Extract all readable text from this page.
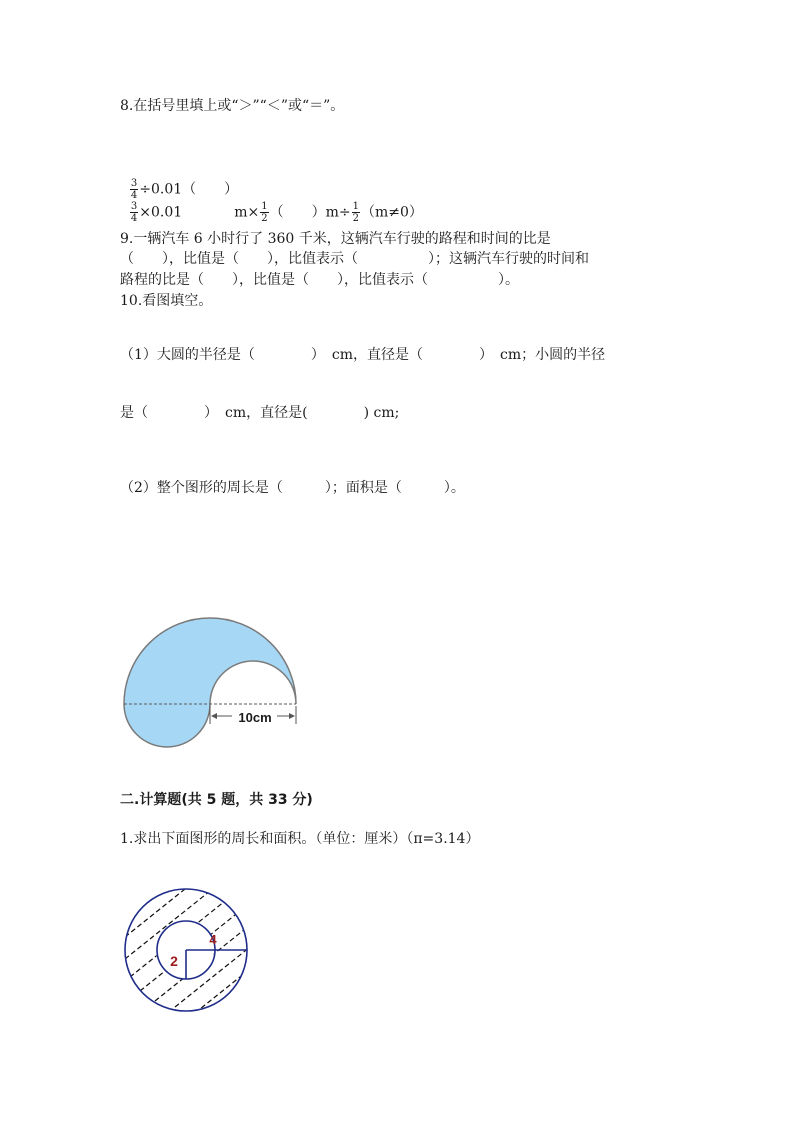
8.在括号里填上或“＞”“＜”或“＝”。

$\frac{3}{4} \div 0.01$（　　）

$\frac{3}{4} \times 0.01$	$m\times \frac{1}{2}$ （　　）$m\div \frac{1}{2} (m\ne 0)$

9.一辆汽车 6 小时行了 360 千米，这辆汽车行驶的路程和时间的比是
（　　），比值是（　　），比值表示（　　　　　）；这辆汽车行驶的时间和
路程的比是（　　），比值是（　　），比值表示（　　　　　）。
10.看图填空。
（1）大圆的半径是（　　　　）　cm，直径是（　　　　）　cm；小圆的半径
是（　　　　）　cm，直径是(　　　　) cm;
（2）整个图形的周长是（　　　）；面积是（　　　）。
10cm
二.计算题(共 5 题，共 33 分)
1.求出下面图形的周长和面积。（单位：厘米）（π=3.14）
2
4
